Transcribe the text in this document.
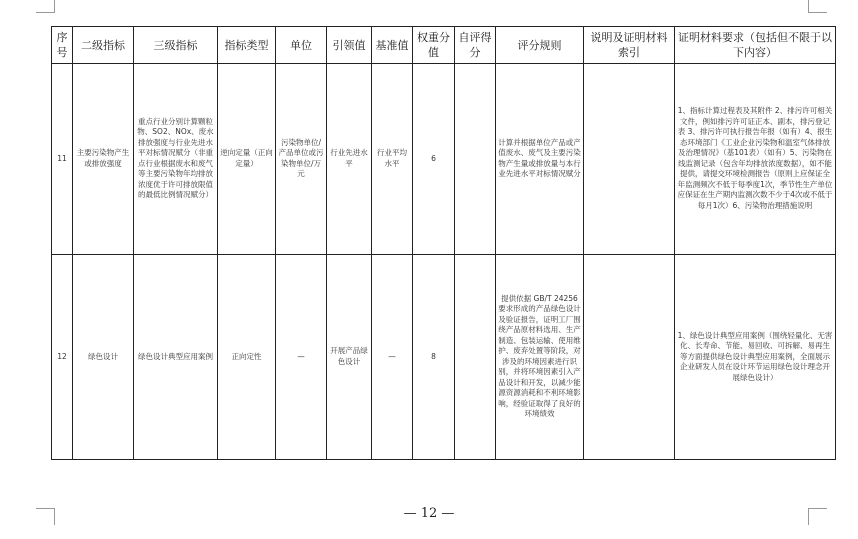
序号	二级指标	三级指标	指标类型	单位	引领值	基准值	权重分值	自评得分	评分规则	说明及证明材料索引	证明材料要求（包括但不限于以下内容）
11	主要污染物产生或排放强度	重点行业分别计算颗粒物、SO2、NOx、废水排放强度与行业先进水平对标情况赋分（非重点行业根据废水和废气等主要污染物年均排放浓度优于许可排放限值的最低比例情况赋分）	逆向定量（正向定量）	污染物单位/产品单位或污染物单位/万元	行业先进水平	行业平均水平	6		计算并根据单位产品或产值废水、废气及主要污染物产生量或排放量与本行业先进水平对标情况赋分		1、指标计算过程表及其附件 2、排污许可相关文件，例如排污许可证正本、副本，排污登记表 3、排污许可执行报告年报（如有）4、报生态环境部门《工业企业污染物和温室气体排放及治理情况》（基101表）（如有）5、污染物在线监测记录（包含年均排放浓度数据），如不能提供，请提交环境检测报告（原则上应保证全年监测频次不低于每季度1次，季节性生产单位应保证在生产期内监测次数不少于4次或不低于每月1次）6、污染物治理措施说明
12	绿色设计	绿色设计典型应用案例	正向定性	—	开展产品绿色设计	—	8		提供依据 GB/T 24256 要求形成的产品绿色设计及验证报告，证明工厂围绕产品原材料选用、生产制造、包装运输、使用维护、废弃处置等阶段，对涉及的环境因素进行识别，并将环境因素引入产品设计和开发，以减少能源资源消耗和不利环境影响，经验证取得了良好的环境绩效		1、绿色设计典型应用案例（围绕轻量化、无害化、长寿命、节能、易回收、可拆解、易再生等方面提供绿色设计典型应用案例，全面展示企业研发人员在设计环节运用绿色设计理念开展绿色设计）
— 12 —
